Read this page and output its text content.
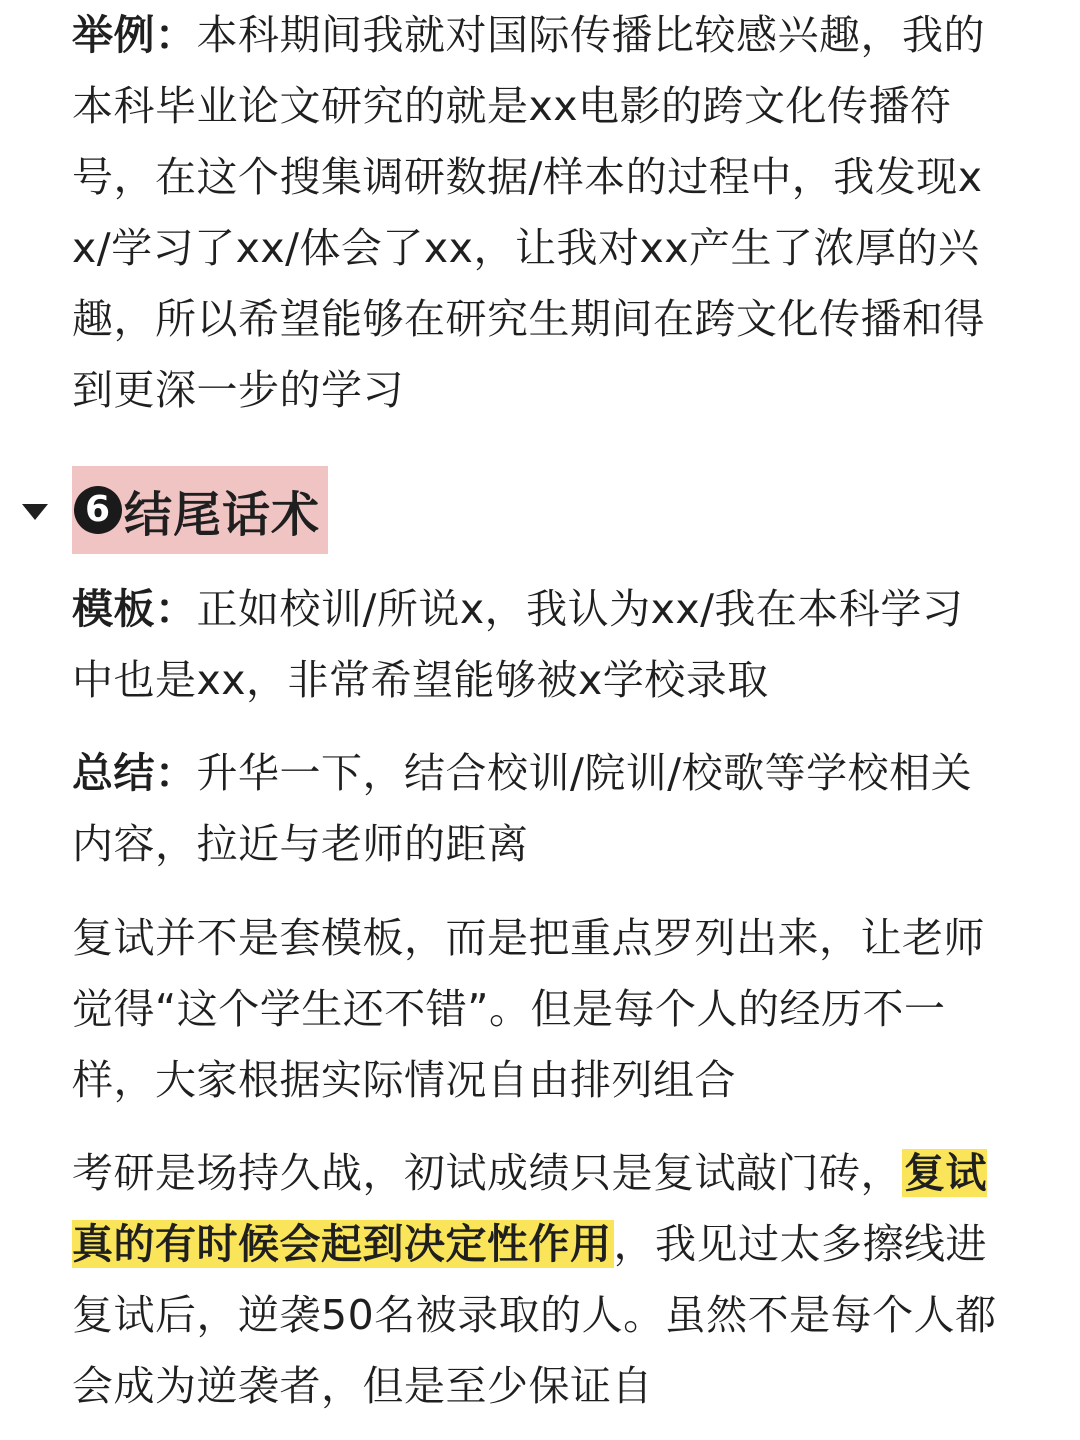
举例：本科期间我就对国际传播比较感兴趣，我的本科毕业论文研究的就是xx电影的跨文化传播符号，在这个搜集调研数据/样本的过程中，我发现xx/学习了xx/体会了xx，让我对xx产生了浓厚的兴趣，所以希望能够在研究生期间在跨文化传播和得到更深一步的学习
6 结尾话术
模板：正如校训/所说x，我认为xx/我在本科学习中也是xx，非常希望能够被x学校录取
总结：升华一下，结合校训/院训/校歌等学校相关内容，拉近与老师的距离
复试并不是套模板，而是把重点罗列出来，让老师觉得“这个学生还不错”。但是每个人的经历不一样，大家根据实际情况自由排列组合
考研是场持久战，初试成绩只是复试敲门砖，复试真的有时候会起到决定性作用，我见过太多擦线进复试后，逆袭50名被录取的人。虽然不是每个人都会成为逆袭者，但是至少保证自
